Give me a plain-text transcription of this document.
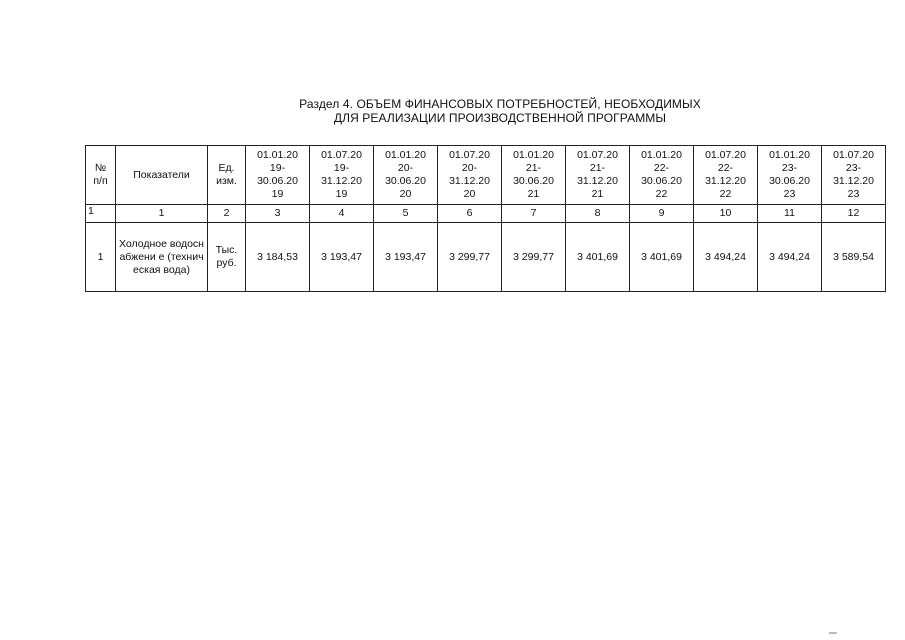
Раздел 4. ОБЪЕМ ФИНАНСОВЫХ ПОТРЕБНОСТЕЙ, НЕОБХОДИМЫХ
ДЛЯ РЕАЛИЗАЦИИ ПРОИЗВОДСТВЕННОЙ ПРОГРАММЫ
№
п/п	Показатели	Ед.
изм.	01.01.20
19-
30.06.20
19	01.07.20
19-
31.12.20
19	01.01.20
20-
30.06.20
20	01.07.20
20-
31.12.20
20	01.01.20
21-
30.06.20
21	01.07.20
21-
31.12.20
21	01.01.20
22-
30.06.20
22	01.07.20
22-
31.12.20
22	01.01.20
23-
30.06.20
23	01.07.20
23-
31.12.20
23
1	1	2	3	4	5	6	7	8	9	10	11	12
1	Холодное водоснабжени е (техническая вода)	Тыс. руб.	3 184,53	3 193,47	3 193,47	3 299,77	3 299,77	3 401,69	3 401,69	3 494,24	3 494,24	3 589,54
